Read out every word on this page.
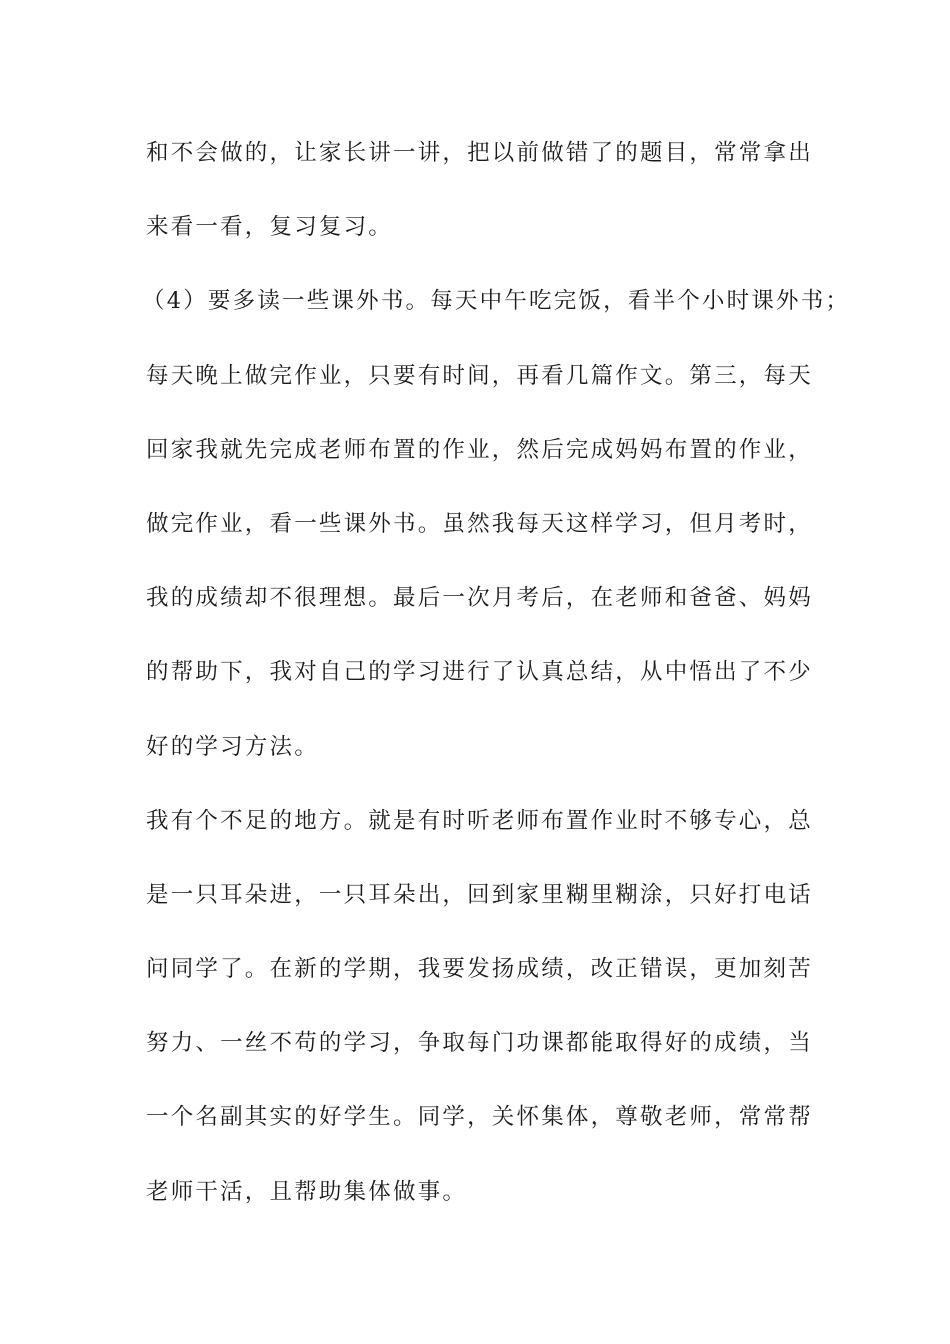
和不会做的，让家长讲一讲，把以前做错了的题目，常常拿出

来看一看，复习复习。

（4）要多读一些课外书。每天中午吃完饭，看半个小时课外书；

每天晚上做完作业，只要有时间，再看几篇作文。第三，每天

回家我就先完成老师布置的作业，然后完成妈妈布置的作业，

做完作业，看一些课外书。虽然我每天这样学习，但月考时，

我的成绩却不很理想。最后一次月考后，在老师和爸爸、妈妈

的帮助下，我对自己的学习进行了认真总结，从中悟出了不少

好的学习方法。

我有个不足的地方。就是有时听老师布置作业时不够专心，总

是一只耳朵进，一只耳朵出，回到家里糊里糊涂，只好打电话

问同学了。在新的学期，我要发扬成绩，改正错误，更加刻苦

努力、一丝不苟的学习，争取每门功课都能取得好的成绩，当

一个名副其实的好学生。同学，关怀集体，尊敬老师，常常帮

老师干活，且帮助集体做事。
